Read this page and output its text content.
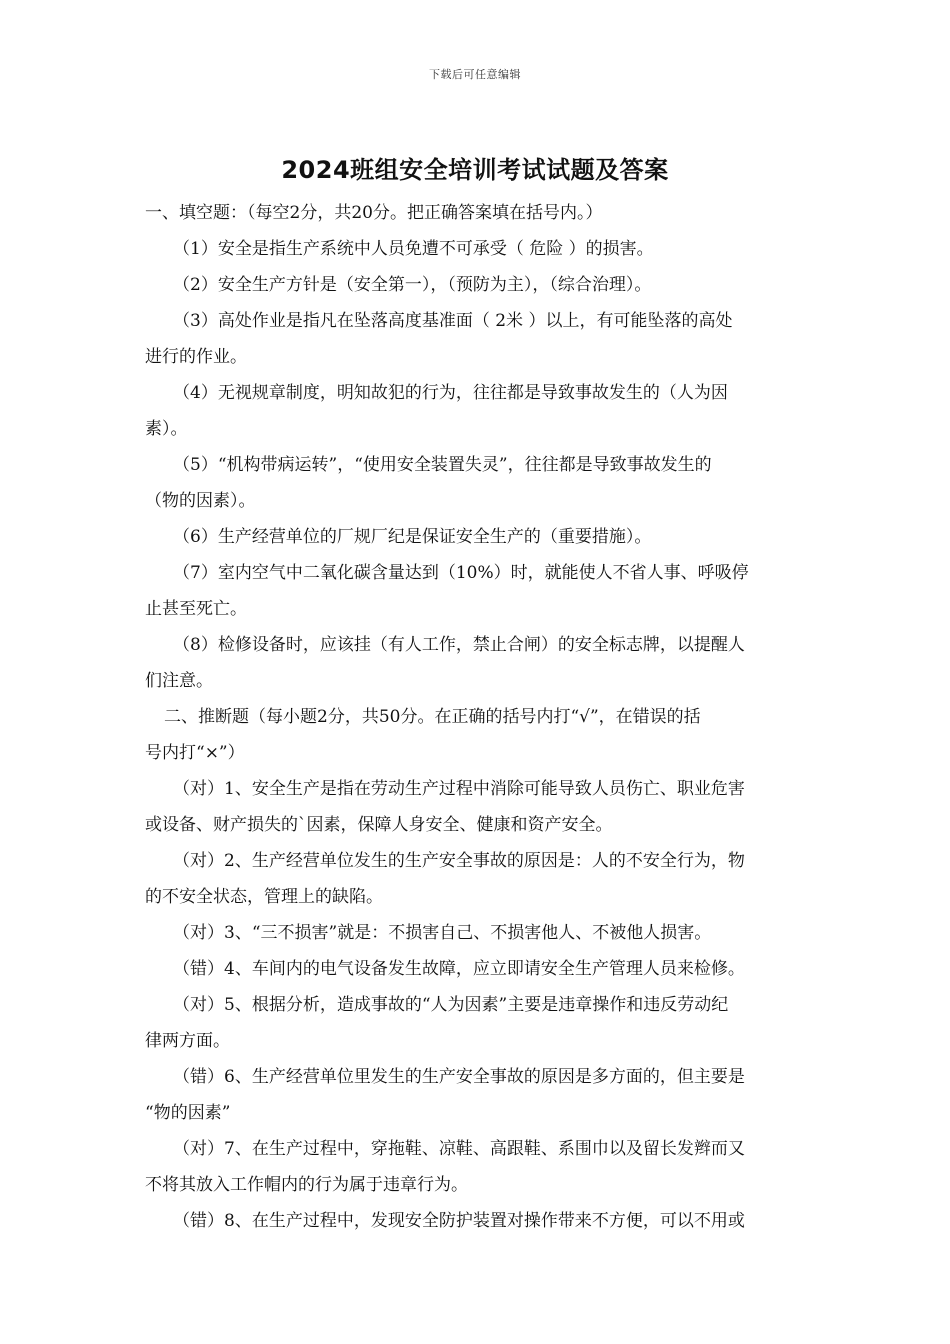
下载后可任意编辑
2024班组安全培训考试试题及答案
一、填空题：（每空2分，共20分。把正确答案填在括号内。）
（1）安全是指生产系统中人员免遭不可承受（ 危险 ）的损害。
（2）安全生产方针是（安全第一），（预防为主），（综合治理）。
（3）高处作业是指凡在坠落高度基准面（ 2米 ）以上，有可能坠落的高处
进行的作业。
（4）无视规章制度，明知故犯的行为，往往都是导致事故发生的（人为因
素）。
（5）“机构带病运转”，“使用安全装置失灵”，往往都是导致事故发生的
（物的因素）。
（6）生产经营单位的厂规厂纪是保证安全生产的（重要措施）。
（7）室内空气中二氧化碳含量达到（10%）时，就能使人不省人事、呼吸停
止甚至死亡。
（8）检修设备时，应该挂（有人工作，禁止合闸）的安全标志牌，以提醒人
们注意。
二、推断题（每小题2分，共50分。在正确的括号内打“√”，在错误的括
号内打“×”）
（对）1、安全生产是指在劳动生产过程中消除可能导致人员伤亡、职业危害
或设备、财产损失的`因素，保障人身安全、健康和资产安全。
（对）2、生产经营单位发生的生产安全事故的原因是：人的不安全行为，物
的不安全状态，管理上的缺陷。
（对）3、“三不损害”就是：不损害自己、不损害他人、不被他人损害。
（错）4、车间内的电气设备发生故障，应立即请安全生产管理人员来检修。
（对）5、根据分析，造成事故的“人为因素”主要是违章操作和违反劳动纪
律两方面。
（错）6、生产经营单位里发生的生产安全事故的原因是多方面的，但主要是
“物的因素”
（对）7、在生产过程中，穿拖鞋、凉鞋、高跟鞋、系围巾以及留长发辫而又
不将其放入工作帽内的行为属于违章行为。
（错）8、在生产过程中，发现安全防护装置对操作带来不方便，可以不用或
